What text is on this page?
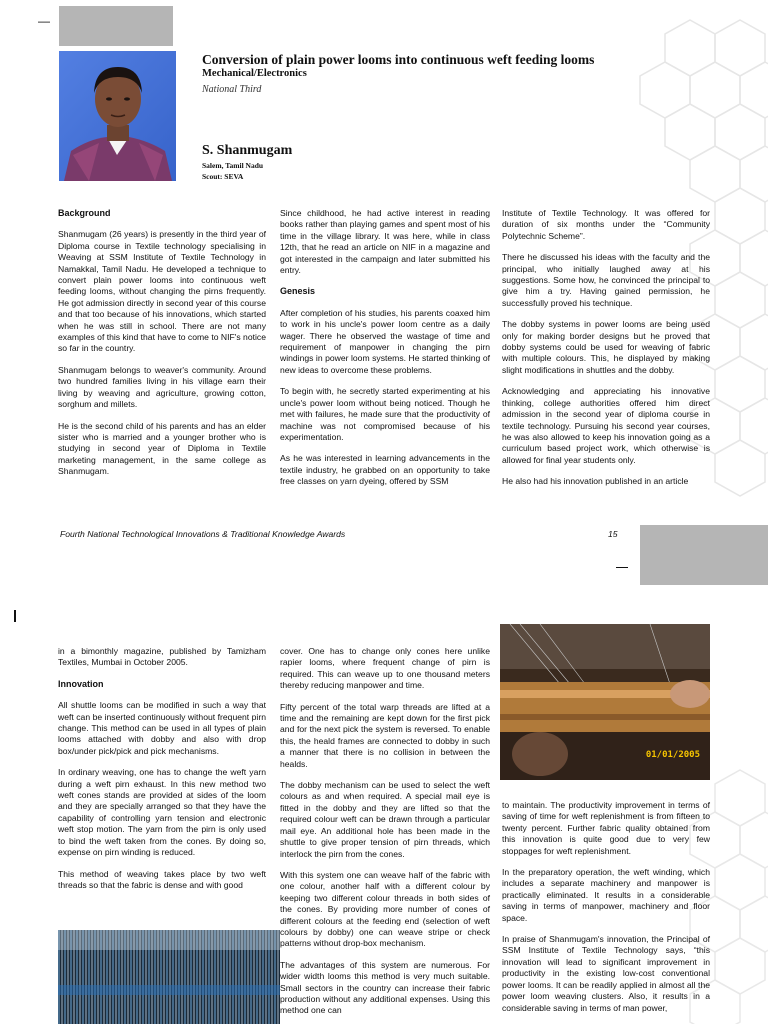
—
Conversion of plain power looms into continuous weft feeding looms
Mechanical/Electronics
National Third
S. Shanmugam
Salem, Tamil Nadu
Scout: SEVA
Background

Shanmugam (26 years) is presently in the third year of Diploma course in Textile technology specialising in Weaving at SSM Institute of Textile Technology in Namakkal, Tamil Nadu. He developed a technique to convert plain power looms into continuous weft feeding looms, without changing the pirns frequently. He got admission directly in second year of this course and that too because of his innovations, which started when he was still in school. There are not many examples of this kind that have to come to NIF's notice so far in the country.

Shanmugam belongs to weaver's community. Around two hundred families living in his village earn their living by weaving and agriculture, growing cotton, sorghum and millets.

He is the second child of his parents and has an elder sister who is married and a younger brother who is studying in second year of Diploma in Textile marketing management, in the same college as Shanmugam.

Since childhood, he had active interest in reading books rather than playing games and spent most of his time in the village library. It was here, while in class 12th, that he read an article on NIF in a magazine and got interested in the campaign and later submitted his entry.

Genesis

After completion of his studies, his parents coaxed him to work in his uncle's power loom centre as a daily wager. There he observed the wastage of time and requirement of manpower in changing the pirn windings in power loom systems. He started thinking of new ideas to overcome these problems.

To begin with, he secretly started experimenting at his uncle's power loom without being noticed. Though he met with failures, he made sure that the productivity of machine was not compromised because of his experimentation.

As he was interested in learning advancements in the textile industry, he grabbed on an opportunity to take free classes on yarn dyeing, offered by SSM

Institute of Textile Technology. It was offered for duration of six months under the “Community Polytechnic Scheme”.

There he discussed his ideas with the faculty and the principal, who initially laughed away at his suggestions. Some how, he convinced the principal to give him a try. Having gained permission, he successfully proved his technique.

The dobby systems in power looms are being used only for making border designs but he proved that dobby systems could be used for weaving of fabric with multiple colours. This, he displayed by making slight modifications in shuttles and the dobby.

Acknowledging and appreciating his innovative thinking, college authorities offered him direct admission in the second year of diploma course in textile technology. Pursuing his second year courses, he was also allowed to keep his innovation going as a curriculum based project work, which otherwise is allowed for final year students only.

He also had his innovation published in an article

Fourth National Technological Innovations & Traditional Knowledge Awards	15

in a bimonthly magazine, published by Tamizham Textiles, Mumbai in October 2005.

Innovation

All shuttle looms can be modified in such a way that weft can be inserted continuously without frequent pirn change. This method can be used in all types of plain looms attached with dobby and also with drop box/under pick/pick and pick mechanisms.

In ordinary weaving, one has to change the weft yarn during a weft pirn exhaust. In this new method two weft cones stands are provided at sides of the loom and they are specially arranged so that they have the capability of controlling yarn tension and electronic weft stop motion. The yarn from the pirn is only used to bind the weft taken from the cones. By doing so, expense on pirn winding is reduced.

This method of weaving takes place by two weft threads so that the fabric is dense and with good

cover. One has to change only cones here unlike rapier looms, where frequent change of pirn is required. This can weave up to one thousand meters thereby reducing manpower and time.

Fifty percent of the total warp threads are lifted at a time and the remaining are kept down for the first pick and for the next pick the system is reversed. To enable this, the heald frames are connected to dobby in such a manner that there is no collision in between the healds.

The dobby mechanism can be used to select the weft colours as and when required. A special mail eye is fitted in the dobby and they are lifted so that the required colour weft can be drawn through a particular mail eye. An additional hole has been made in the shuttle to give proper tension of pirn threads, which interlock the pirn from the cones.

With this system one can weave half of the fabric with one colour, another half with a different colour by keeping two different colour threads in both sides of the cones. By providing more number of cones of different colours at the feeding end (selection of weft colours by dobby) one can weave stripe or check patterns without drop-box mechanism.

The advantages of this system are numerous. For wider width looms this method is very much suitable. Small sectors in the country can increase their fabric production without any additional expenses. Using this method one can

01/01/2005

to maintain. The productivity improvement in terms of saving of time for weft replenishment is from fifteen to twenty percent. Further fabric quality obtained from this innovation is quite good due to very few stoppages for weft replenishment.

In the preparatory operation, the weft winding, which includes a separate machinery and manpower is practically eliminated. It results in a considerable saving in terms of manpower, machinery and floor space.

In praise of Shanmugam's innovation, the Principal of SSM Institute of Textile Technology says, “this innovation will lead to significant improvement in productivity in the existing low-cost conventional power looms. It can be readily applied in almost all the power loom weaving clusters. Also, it results in a considerable saving in terms of man power,
